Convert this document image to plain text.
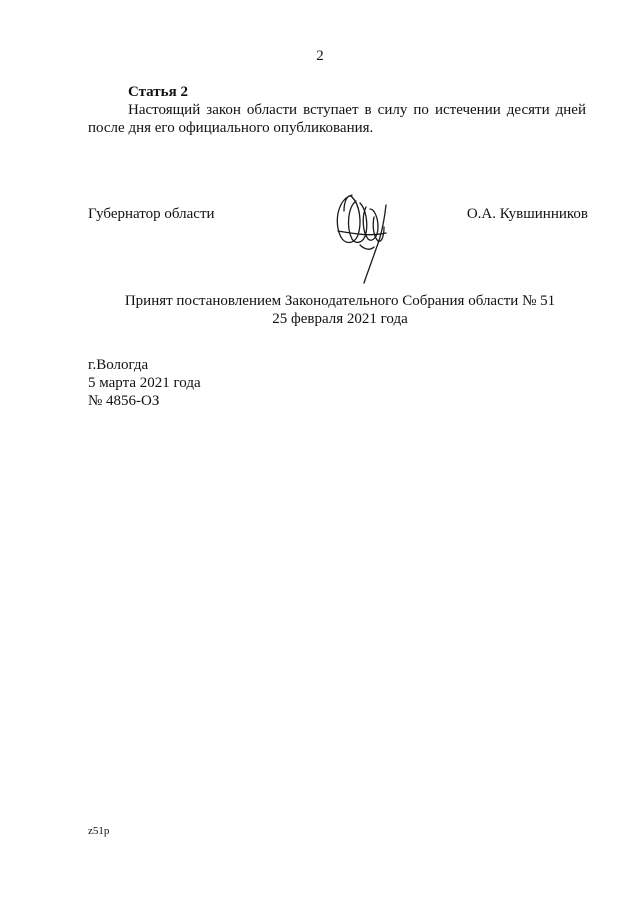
2
Статья 2
Настоящий закон области вступает в силу по истечении десяти дней
после дня его официального опубликования.
Губернатор области	О.А. Кувшинников
Принят постановлением Законодательного Собрания области № 51
25 февраля 2021 года
г.Вологда
5 марта 2021 года
№ 4856-ОЗ
z51p
